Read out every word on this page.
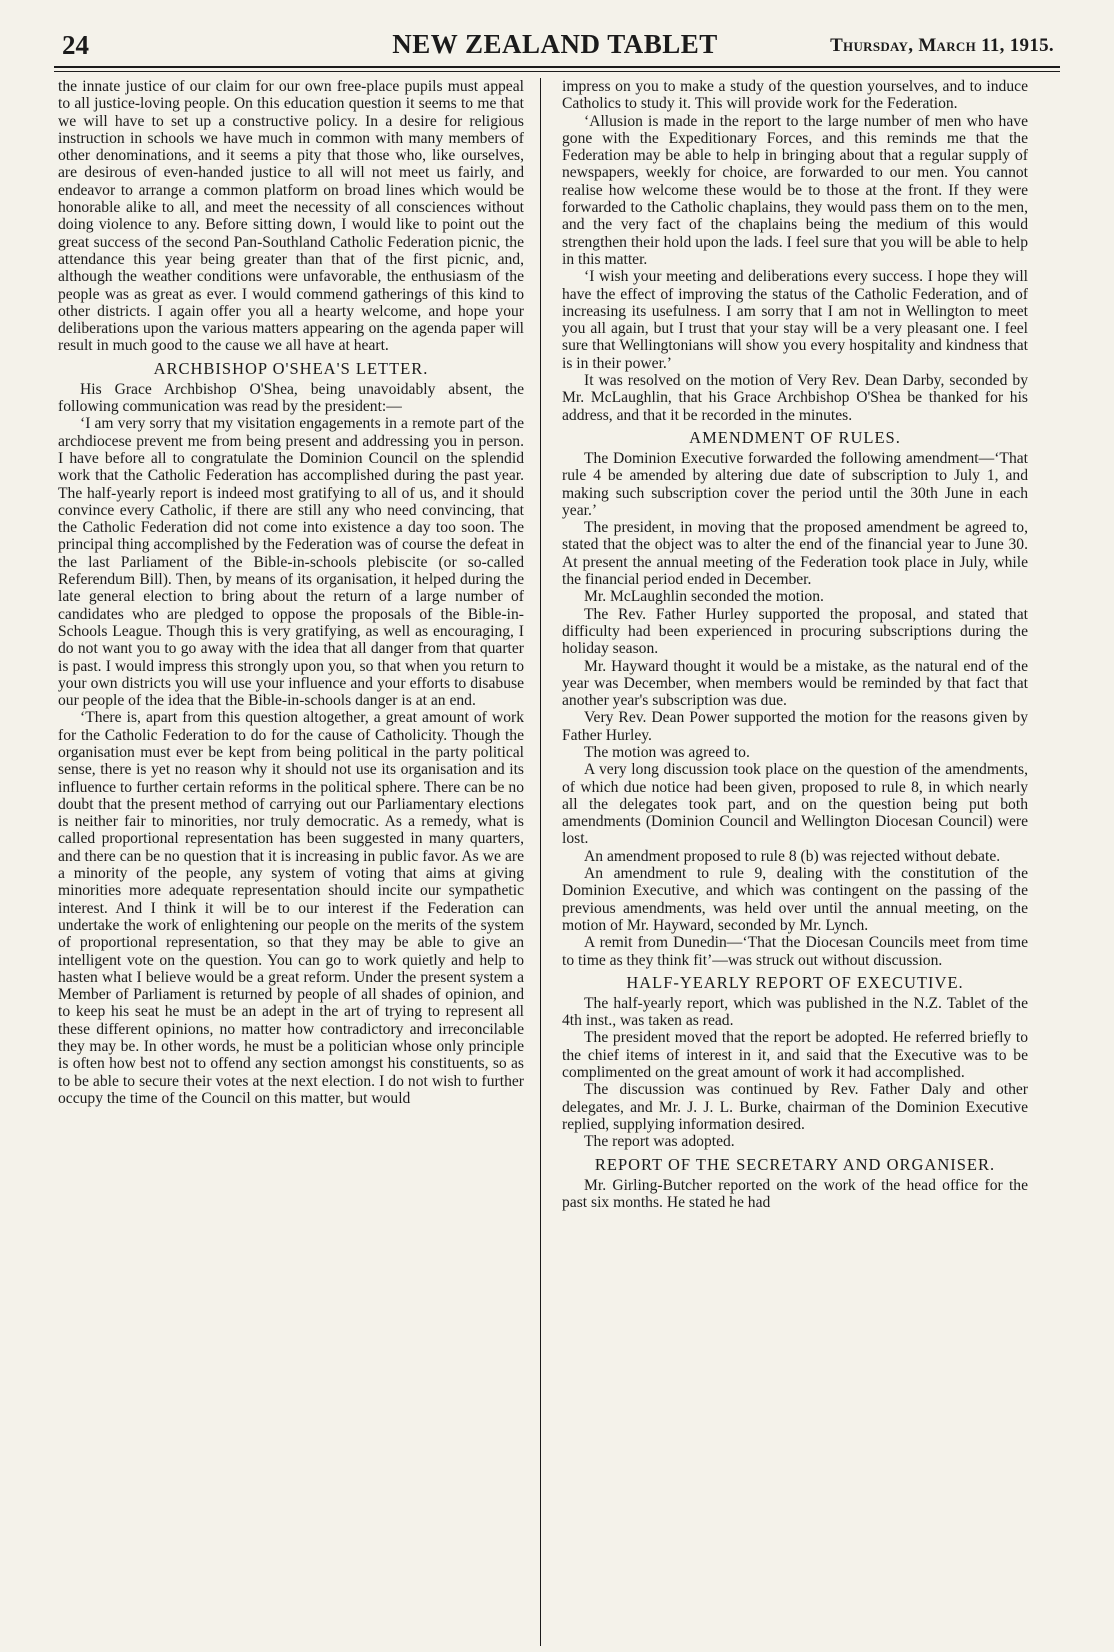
24	NEW ZEALAND TABLET	Thursday, March 11, 1915.

the innate justice of our claim for our own free-place pupils must appeal to all justice-loving people. On this education question it seems to me that we will have to set up a constructive policy. In a desire for religious instruction in schools we have much in common with many members of other denominations, and it seems a pity that those who, like ourselves, are desirous of even-handed justice to all will not meet us fairly, and endeavor to arrange a common platform on broad lines which would be honorable alike to all, and meet the necessity of all consciences without doing violence to any. Before sitting down, I would like to point out the great success of the second Pan-Southland Catholic Federation picnic, the attendance this year being greater than that of the first picnic, and, although the weather conditions were unfavorable, the enthusiasm of the people was as great as ever. I would commend gatherings of this kind to other districts. I again offer you all a hearty welcome, and hope your deliberations upon the various matters appearing on the agenda paper will result in much good to the cause we all have at heart.

ARCHBISHOP O'SHEA'S LETTER.

His Grace Archbishop O'Shea, being unavoidably absent, the following communication was read by the president:—

‘I am very sorry that my visitation engagements in a remote part of the archdiocese prevent me from being present and addressing you in person. I have before all to congratulate the Dominion Council on the splendid work that the Catholic Federation has accomplished during the past year. The half-yearly report is indeed most gratifying to all of us, and it should convince every Catholic, if there are still any who need convincing, that the Catholic Federation did not come into existence a day too soon. The principal thing accomplished by the Federation was of course the defeat in the last Parliament of the Bible-in-schools plebiscite (or so-called Referendum Bill). Then, by means of its organisation, it helped during the late general election to bring about the return of a large number of candidates who are pledged to oppose the proposals of the Bible-in-Schools League. Though this is very gratifying, as well as encouraging, I do not want you to go away with the idea that all danger from that quarter is past. I would impress this strongly upon you, so that when you return to your own districts you will use your influence and your efforts to disabuse our people of the idea that the Bible-in-schools danger is at an end.

‘There is, apart from this question altogether, a great amount of work for the Catholic Federation to do for the cause of Catholicity. Though the organisation must ever be kept from being political in the party political sense, there is yet no reason why it should not use its organisation and its influence to further certain reforms in the political sphere. There can be no doubt that the present method of carrying out our Parliamentary elections is neither fair to minorities, nor truly democratic. As a remedy, what is called proportional representation has been suggested in many quarters, and there can be no question that it is increasing in public favor. As we are a minority of the people, any system of voting that aims at giving minorities more adequate representation should incite our sympathetic interest. And I think it will be to our interest if the Federation can undertake the work of enlightening our people on the merits of the system of proportional representation, so that they may be able to give an intelligent vote on the question. You can go to work quietly and help to hasten what I believe would be a great reform. Under the present system a Member of Parliament is returned by people of all shades of opinion, and to keep his seat he must be an adept in the art of trying to represent all these different opinions, no matter how contradictory and irreconcilable they may be. In other words, he must be a politician whose only principle is often how best not to offend any section amongst his constituents, so as to be able to secure their votes at the next election. I do not wish to further occupy the time of the Council on this matter, but would

impress on you to make a study of the question yourselves, and to induce Catholics to study it. This will provide work for the Federation.

‘Allusion is made in the report to the large number of men who have gone with the Expeditionary Forces, and this reminds me that the Federation may be able to help in bringing about that a regular supply of newspapers, weekly for choice, are forwarded to our men. You cannot realise how welcome these would be to those at the front. If they were forwarded to the Catholic chaplains, they would pass them on to the men, and the very fact of the chaplains being the medium of this would strengthen their hold upon the lads. I feel sure that you will be able to help in this matter.

‘I wish your meeting and deliberations every success. I hope they will have the effect of improving the status of the Catholic Federation, and of increasing its usefulness. I am sorry that I am not in Wellington to meet you all again, but I trust that your stay will be a very pleasant one. I feel sure that Wellingtonians will show you every hospitality and kindness that is in their power.’

It was resolved on the motion of Very Rev. Dean Darby, seconded by Mr. McLaughlin, that his Grace Archbishop O'Shea be thanked for his address, and that it be recorded in the minutes.

AMENDMENT OF RULES.

The Dominion Executive forwarded the following amendment—‘That rule 4 be amended by altering due date of subscription to July 1, and making such subscription cover the period until the 30th June in each year.’

The president, in moving that the proposed amendment be agreed to, stated that the object was to alter the end of the financial year to June 30. At present the annual meeting of the Federation took place in July, while the financial period ended in December.

Mr. McLaughlin seconded the motion.

The Rev. Father Hurley supported the proposal, and stated that difficulty had been experienced in procuring subscriptions during the holiday season.

Mr. Hayward thought it would be a mistake, as the natural end of the year was December, when members would be reminded by that fact that another year's subscription was due.

Very Rev. Dean Power supported the motion for the reasons given by Father Hurley.

The motion was agreed to.

A very long discussion took place on the question of the amendments, of which due notice had been given, proposed to rule 8, in which nearly all the delegates took part, and on the question being put both amendments (Dominion Council and Wellington Diocesan Council) were lost.

An amendment proposed to rule 8 (b) was rejected without debate.

An amendment to rule 9, dealing with the constitution of the Dominion Executive, and which was contingent on the passing of the previous amendments, was held over until the annual meeting, on the motion of Mr. Hayward, seconded by Mr. Lynch.

A remit from Dunedin—‘That the Diocesan Councils meet from time to time as they think fit’—was struck out without discussion.

HALF-YEARLY REPORT OF EXECUTIVE.

The half-yearly report, which was published in the N.Z. Tablet of the 4th inst., was taken as read.

The president moved that the report be adopted. He referred briefly to the chief items of interest in it, and said that the Executive was to be complimented on the great amount of work it had accomplished.

The discussion was continued by Rev. Father Daly and other delegates, and Mr. J. J. L. Burke, chairman of the Dominion Executive replied, supplying information desired.

The report was adopted.

REPORT OF THE SECRETARY AND ORGANISER.

Mr. Girling-Butcher reported on the work of the head office for the past six months. He stated he had
